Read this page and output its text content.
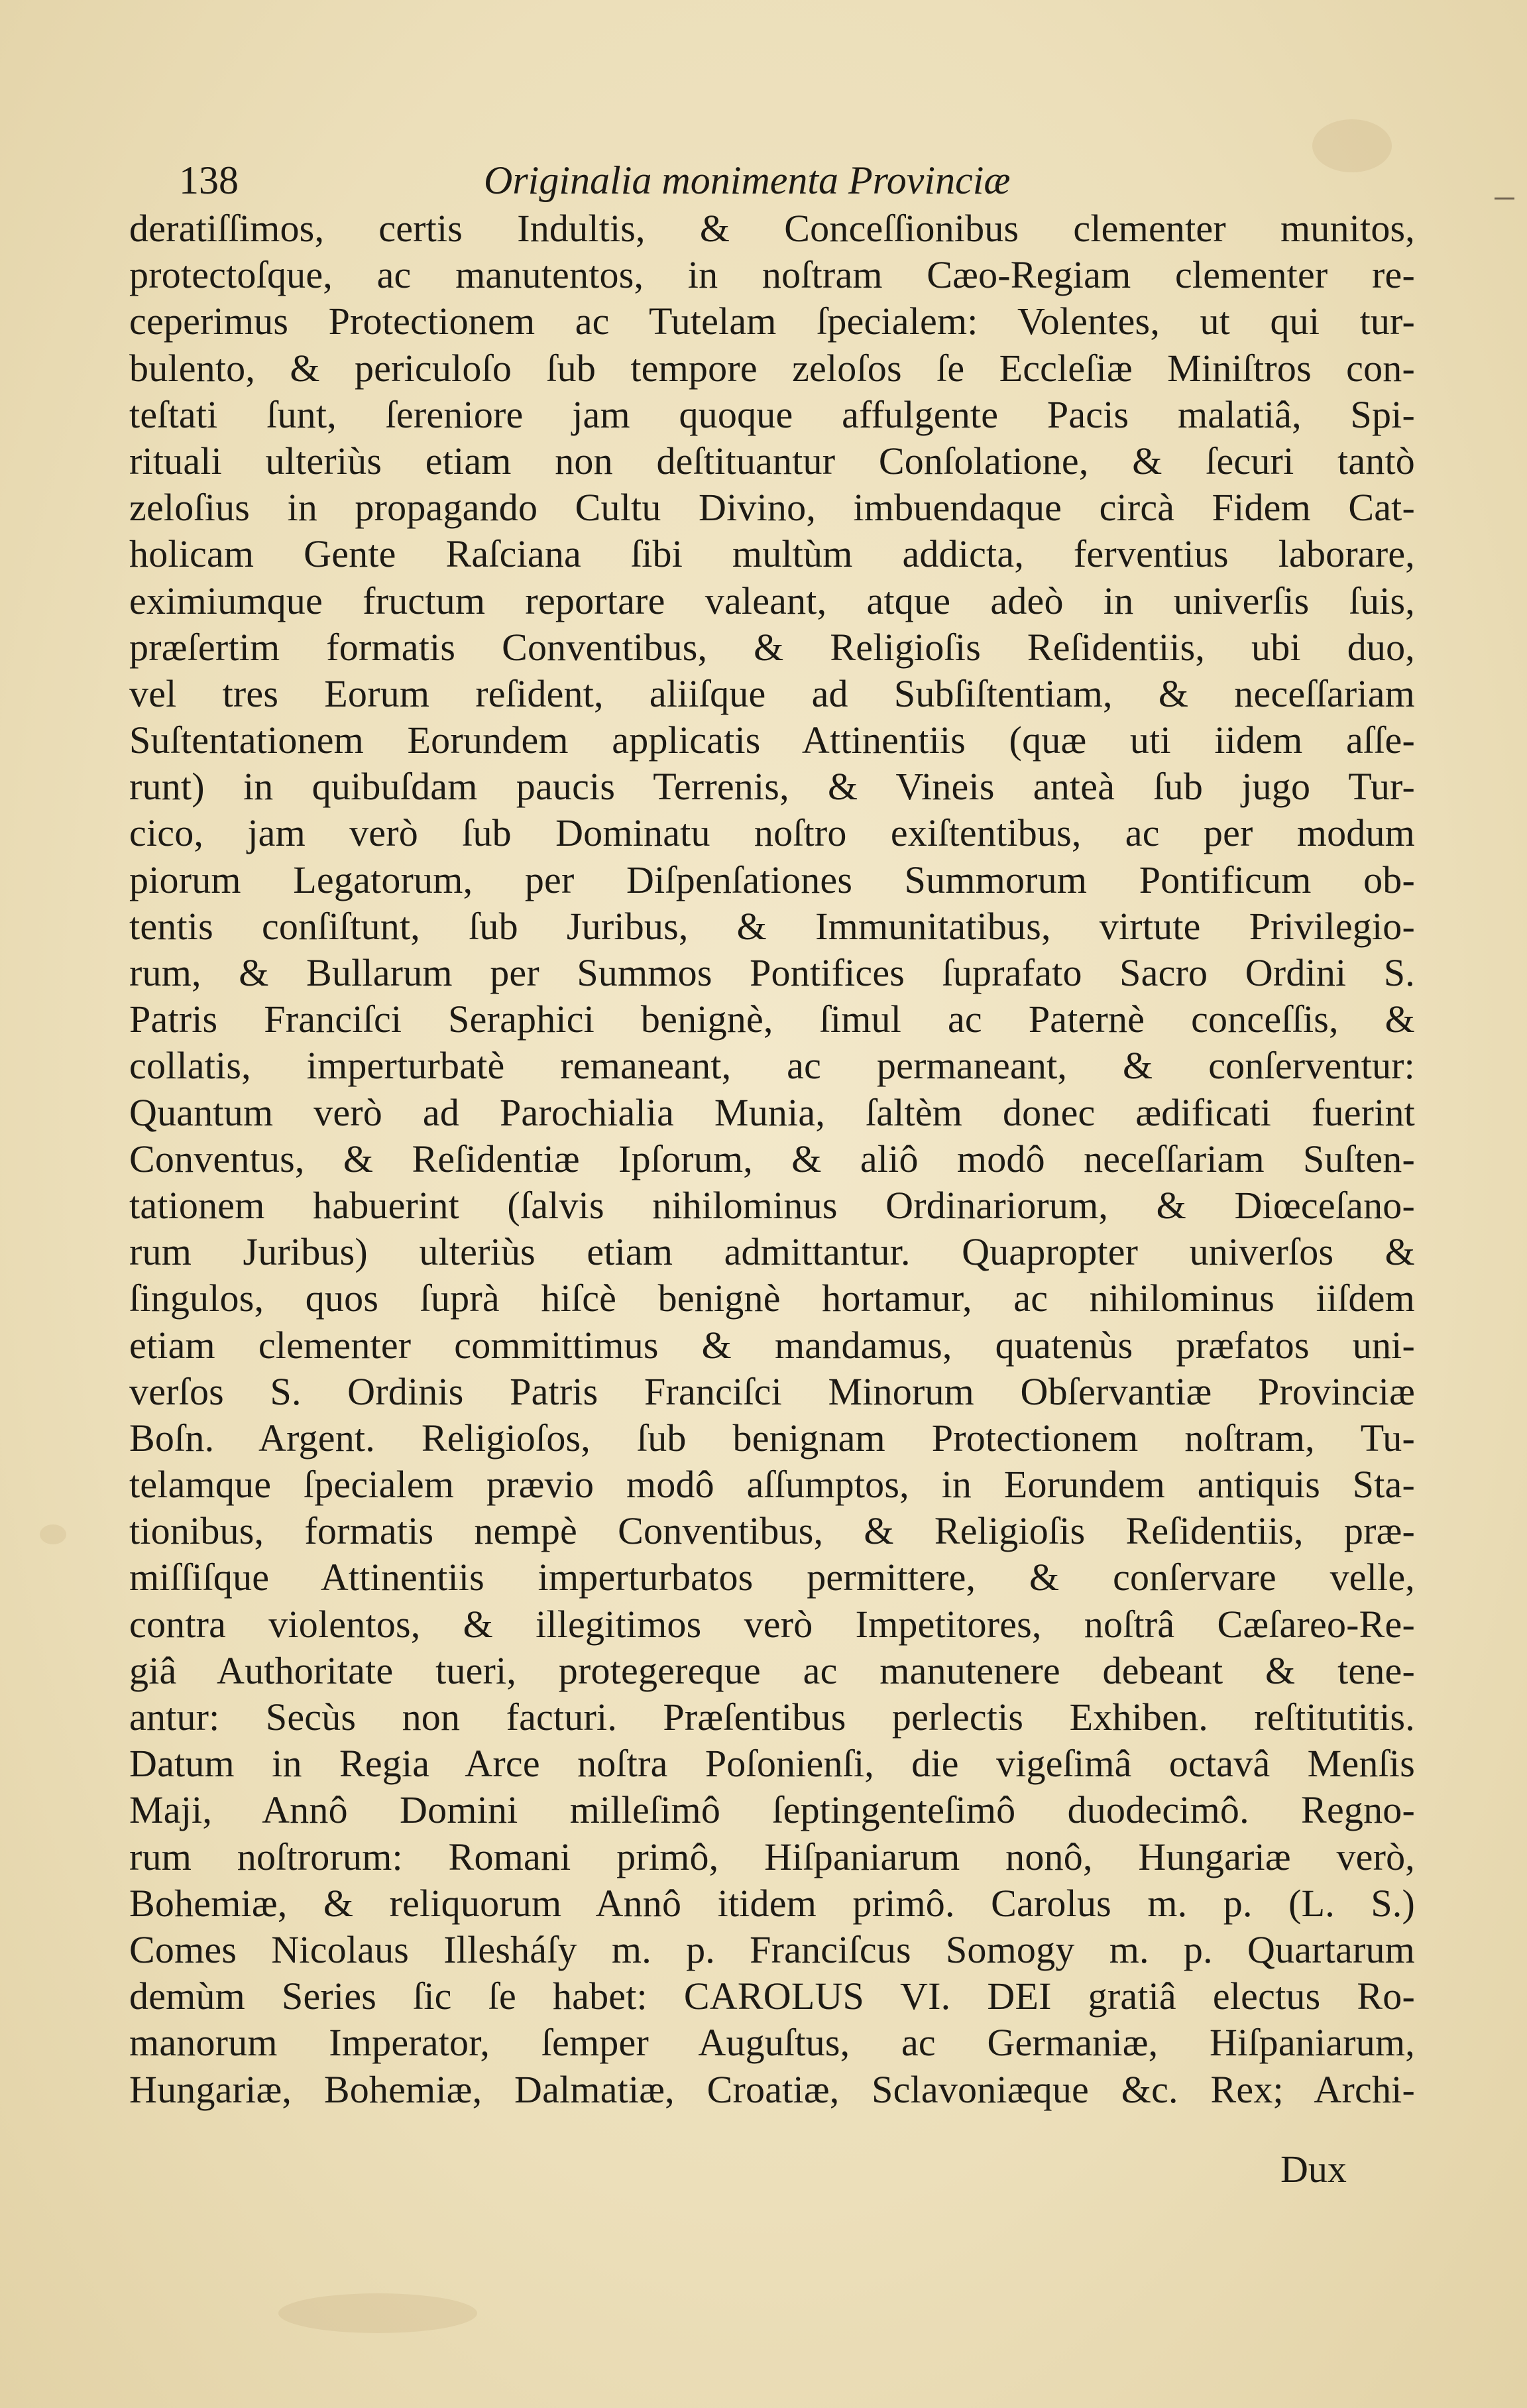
138	Originalia monimenta Provinciæ
deratiſſimos, certis Indultis, & Conceſſionibus clementer munitos,
protectoſque, ac manutentos, in noſtram Cæo-Regiam clementer re-
ceperimus Protectionem ac Tutelam ſpecialem: Volentes, ut qui tur-
bulento, & periculoſo ſub tempore zeloſos ſe Eccleſiæ Miniſtros con-
teſtati ſunt, ſereniore jam quoque affulgente Pacis malatiâ, Spi-
rituali ulteriùs etiam non deſtituantur Conſolatione, & ſecuri tantò
zeloſius in propagando Cultu Divino, imbuendaque circà Fidem Cat-
holicam Gente Raſciana ſibi multùm addicta, ferventius laborare,
eximiumque fructum reportare valeant, atque adeò in univerſis ſuis,
præſertim formatis Conventibus, & Religioſis Reſidentiis, ubi duo,
vel tres Eorum reſident, aliiſque ad Subſiſtentiam, & neceſſariam
Suſtentationem Eorundem applicatis Attinentiis (quæ uti iidem aſſe-
runt) in quibuſdam paucis Terrenis, & Vineis anteà ſub jugo Tur-
cico, jam verò ſub Dominatu noſtro exiſtentibus, ac per modum
piorum Legatorum, per Diſpenſationes Summorum Pontificum ob-
tentis conſiſtunt, ſub Juribus, & Immunitatibus, virtute Privilegio-
rum, & Bullarum per Summos Pontifices ſuprafato Sacro Ordini S.
Patris Franciſci Seraphici benignè, ſimul ac Paternè conceſſis, &
collatis, imperturbatè remaneant, ac permaneant, & conſerventur:
Quantum verò ad Parochialia Munia, ſaltèm donec ædificati fuerint
Conventus, & Reſidentiæ Ipſorum, & aliô modô neceſſariam Suſten-
tationem habuerint (ſalvis nihilominus Ordinariorum, & Diœceſano-
rum Juribus) ulteriùs etiam admittantur. Quapropter univerſos &
ſingulos, quos ſuprà hiſcè benignè hortamur, ac nihilominus iiſdem
etiam clementer committimus & mandamus, quatenùs præfatos uni-
verſos S. Ordinis Patris Franciſci Minorum Obſervantiæ Provinciæ
Boſn. Argent. Religioſos, ſub benignam Protectionem noſtram, Tu-
telamque ſpecialem prævio modô aſſumptos, in Eorundem antiquis Sta-
tionibus, formatis nempè Conventibus, & Religioſis Reſidentiis, præ-
miſſiſque Attinentiis imperturbatos permittere, & conſervare velle,
contra violentos, & illegitimos verò Impetitores, noſtrâ Cæſareo-Re-
giâ Authoritate tueri, protegereque ac manutenere debeant & tene-
antur: Secùs non facturi. Præſentibus perlectis Exhiben. reſtitutitis.
Datum in Regia Arce noſtra Poſonienſi, die vigeſimâ octavâ Menſis
Maji, Annô Domini milleſimô ſeptingenteſimô duodecimô. Regno-
rum noſtrorum: Romani primô, Hiſpaniarum nonô, Hungariæ verò,
Bohemiæ, & reliquorum Annô itidem primô. Carolus m. p. (L. S.)
Comes Nicolaus Illesháſy m. p. Franciſcus Somogy m. p. Quartarum
demùm Series ſic ſe habet: CAROLUS VI. DEI gratiâ electus Ro-
manorum Imperator, ſemper Auguſtus, ac Germaniæ, Hiſpaniarum,
Hungariæ, Bohemiæ, Dalmatiæ, Croatiæ, Sclavoniæque &c. Rex; Archi-
Dux
